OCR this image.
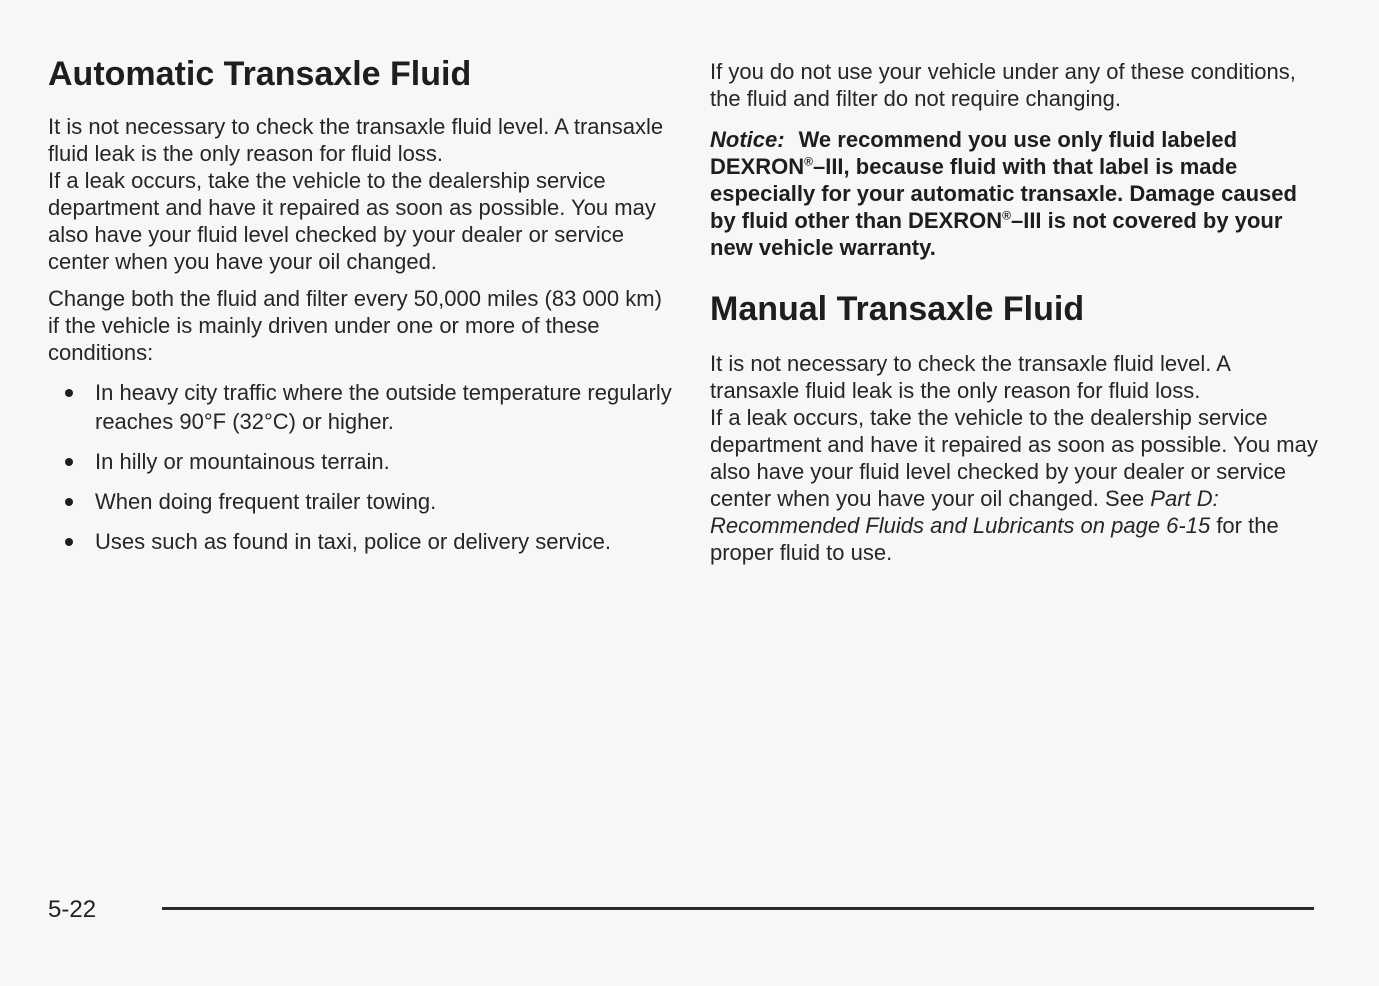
Automatic Transaxle Fluid

It is not necessary to check the transaxle fluid level. A transaxle fluid leak is the only reason for fluid loss.
If a leak occurs, take the vehicle to the dealership service department and have it repaired as soon as possible. You may also have your fluid level checked by your dealer or service center when you have your oil changed.

Change both the fluid and filter every 50,000 miles (83 000 km) if the vehicle is mainly driven under one or more of these conditions:

In heavy city traffic where the outside temperature regularly reaches 90°F (32°C) or higher.
In hilly or mountainous terrain.
When doing frequent trailer towing.
Uses such as found in taxi, police or delivery service.

If you do not use your vehicle under any of these conditions, the fluid and filter do not require changing.

Notice: We recommend you use only fluid labeled DEXRON®–III, because fluid with that label is made especially for your automatic transaxle. Damage caused by fluid other than DEXRON®–III is not covered by your new vehicle warranty.

Manual Transaxle Fluid

It is not necessary to check the transaxle fluid level. A transaxle fluid leak is the only reason for fluid loss.
If a leak occurs, take the vehicle to the dealership service department and have it repaired as soon as possible. You may also have your fluid level checked by your dealer or service center when you have your oil changed. See Part D: Recommended Fluids and Lubricants on page 6-15 for the proper fluid to use.

5-22
